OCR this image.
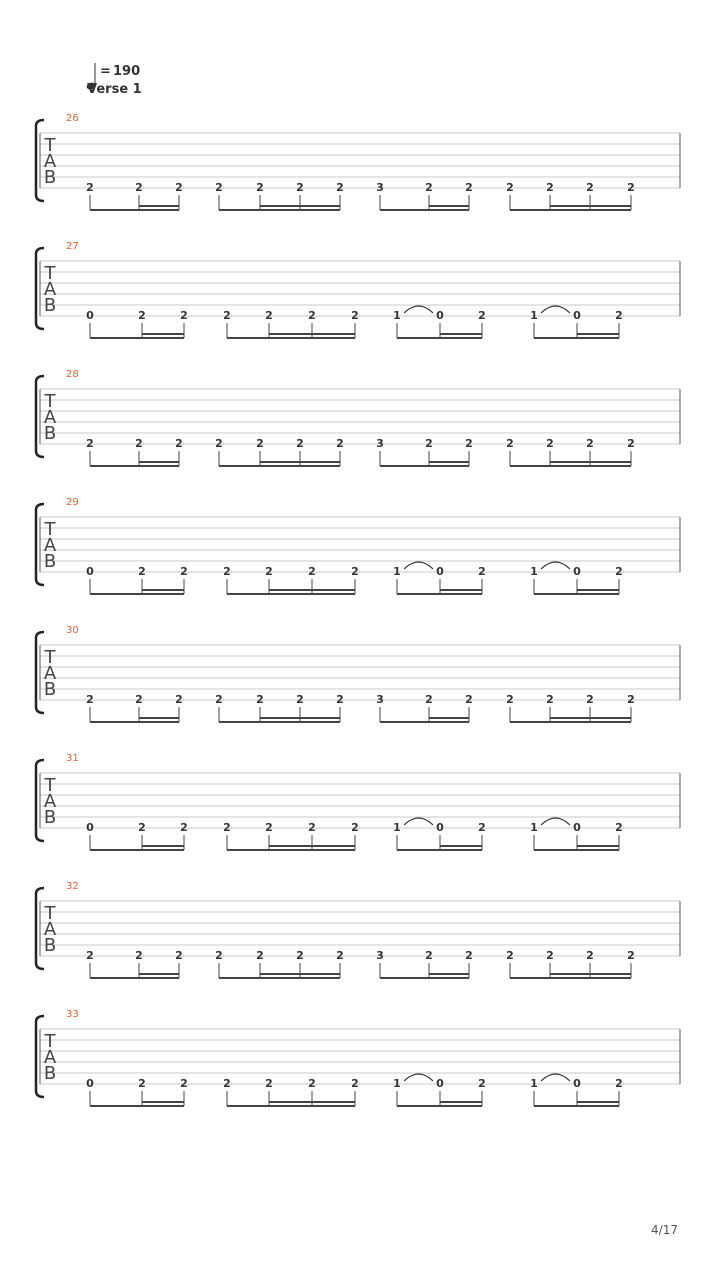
= 190
Verse 1
26
T
A
B	2	2	2	2	2	2	2	3	2	2	2	2	2	2
27
T
A
B	0	2	2	2	2	2	2	1	0	2	1	0	2
28
T
A
B	2	2	2	2	2	2	2	3	2	2	2	2	2	2
29
T
A
B	0	2	2	2	2	2	2	1	0	2	1	0	2
30
T
A
B	2	2	2	2	2	2	2	3	2	2	2	2	2	2
31
T
A
B	0	2	2	2	2	2	2	1	0	2	1	0	2
32
T
A
B	2	2	2	2	2	2	2	3	2	2	2	2	2	2
33
T
A
B	0	2	2	2	2	2	2	1	0	2	1	0	2
4/17
